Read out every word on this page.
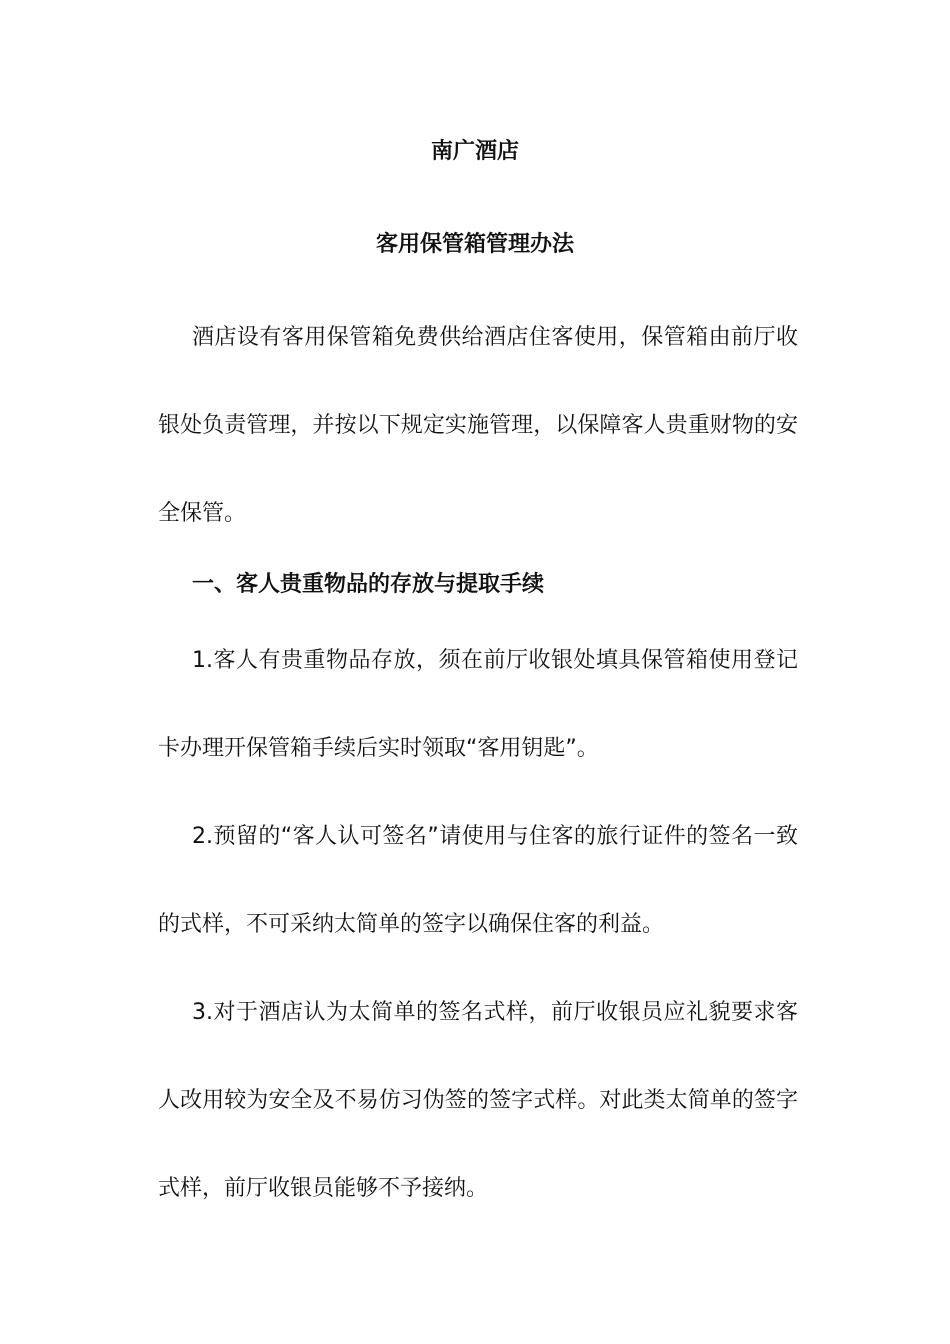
南广酒店
客用保管箱管理办法

酒店设有客用保管箱免费供给酒店住客使用，保管箱由前厅收银处负责管理，并按以下规定实施管理，以保障客人贵重财物的安全保管。

一、客人贵重物品的存放与提取手续

1.客人有贵重物品存放，须在前厅收银处填具保管箱使用登记卡办理开保管箱手续后实时领取“客用钥匙”。

2.预留的“客人认可签名”请使用与住客的旅行证件的签名一致的式样，不可采纳太简单的签字以确保住客的利益。

3.对于酒店认为太简单的签名式样，前厅收银员应礼貌要求客人改用较为安全及不易仿习伪签的签字式样。对此类太简单的签字式样，前厅收银员能够不予接纳。
